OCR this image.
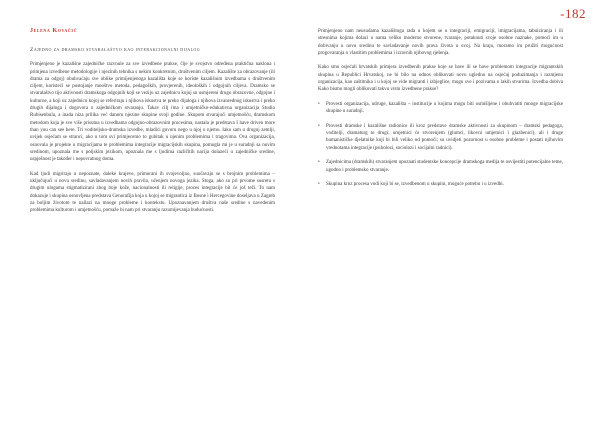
-182
Jelena Kovačić
Zajedno za dramsko stvaralaštvo kao interakcionalni dijalog

Primjenjeno je kazališne zajedničke razvnule za sve izvedbene prakse, čije je svojstvo određena praktična naklona i primjena izvedbene metodologije i njezinih tehnika s nekim konkretnim, društvenim ciljem. Kazalište za obrazovanje (ili drama za odgoj) obuhvaćaju sve oblike primijenjenoga kazališta koje se koriste kazališnim izvedbama s društvenim ciljem, koristeći se postojanje mnoštvo metoda, pedagoških, provjerenih, ideoloških i odgojnih ciljeva. Dramsko se stvaralaštvo tijo aktivnosti dramskoga odgojnih koji se veziju uz zajednicu kojoj su usmjereni drugo obrazovne, odgojne i kulturne, a koji uz zajednicu kojoj se referiraju i njihova iskustva te preko dijaloga i njihova izvanrednog iskustva i preko drugih dijaloga i dogovora o zajedničkom stvaranju. Takav cilj ima i umjetničko-edukativna organizacija Studio Rubisenbula, a inada niza prilika već danom njezine skupine svoji godine. Skupom stvarajući umjetnošću, dramskom metodom koja je sve više prisutna u izvedbama odgojno-obrazovnim procesima, nastala je predstava I have driven more than you can see here. Tri voditeljsko-dramska izvedbe, mladici govoru nego u njoj o njemu. Iako sam u drugoj zemlji, uvijek osjećam se stranci, ako u tom svi primjecemo to gubitak u njenim problemima i tragovima. Ova organizacija, osnovala je projekte u migracijama te problemima integracije migracijskih skupina, pomogla mi je u suradnji sa novim sredinom, upoznala me s poljskim jezikom, upoznala me s ljudima različitih nacija dolazeći u zajedničke sredine, uspješnost je također i nepovratnog doma.

Kad ljudi migriraju u nepoznate, daleke krajeve, primorani ih svojevoljno, suočavaju se s brojnim problemima – uključujući u novu sredinu, savladavanjem novih pravila, učenjem novoga jezika. Stoga, ako su pri prvome susretu s drugim ulogama stigmatizirani zbog boje kože, nacionalnosti ili religije, proces integracije bit će još teži. To nam dokazuje i skupina osnovljena predstava Genorafija koja u kojoj se migrantica iz Bosne i Hercegovine doseljava u Zagreb za boljim životom te nailazi na mnoge probleme i kontekstu. Upoznavanjem društva naše sredine s navedenim problemima kulturom i umjetnošću, pomaže bi nam pri stvaranju razumijevanja budućnosti.

Primjenjeno nam neusudama kazalištoga rada u kojem se u integraciji, emigraciji, imigracijama, tabuiziranja i ili stresnima kojima dolazi u nama veliko moderno stvorene, tvaranje, potaknuti svoje osobne naznake, pomoći im u dobivanju u novu sredinu te savladavanje novih prava života u ovoj. Na kraju, moramo im pružiti mogućnost progovaranja o vlastitim problemima i izravnih njihovog rješenja.

Kako smo osjećali hrvatskih primjera izvedbenih prakse koje se bave ili se bave problemom integracije migrantskih skupina u Republici Hrvatskoj, ne bi bilo na odnos oblikovati novu uglednu na osjećaj poduzimanja i razmjenu organizacija, kao zaštitnika i u kojoj se vide migranti i izbjeglice, mogu sve i pozivama o lakih stvarima. Izvedba dobiva Kako bismo mogli oblikovati takvu vrstu izvedbene prakse?

• Provesti organizacija, udruge, kazališta – institucije u kojima mogu biti osmišljene i obuhvatiti mnoge migracijske skupine u suradnji.
• Provesti dramske i kazališne radionice ili kroz predstave dramske aktivnosti za skupinom – dramski pedagoga, voditelji, dramaturg te drugi; umjetnici će stvorenjem (glumci, likovni umjetnici i glazbenici), ali i druge humanističke djelatnike koji bi bili veliko od pomoći; su uvidjeti pozornost u osobne probleme i postati njihovim vrednotama integracije (psiholozi, sociolozi i socijalni radnici).
• Zajednicima (dramskih) stvaranjem upoznati studentske koncepcije dramskoga medija te osvijestiti potencijalne teme, ugodno i problemsko stvaranje.
• Skupina kroz procesa vodi koji bi se, izvedbenom u skupini, moguće potrebu i u izvedbi.
